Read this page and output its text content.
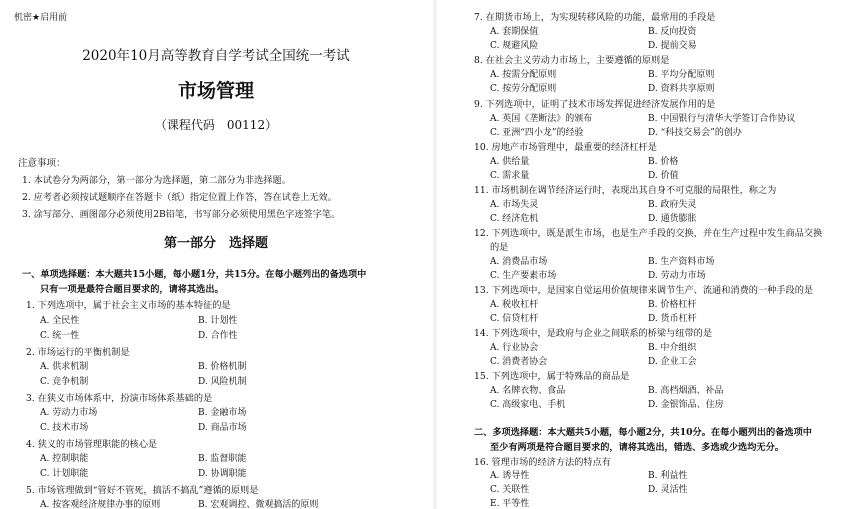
机密★启用前
2020年10月高等教育自学考试全国统一考试
市场管理
（课程代码　00112）
注意事项：
1. 本试卷分为两部分，第一部分为选择题，第二部分为非选择题。
2. 应考者必须按试题顺序在答题卡（纸）指定位置上作答，答在试卷上无效。
3. 涂写部分、画图部分必须使用2B铅笔，书写部分必须使用黑色字迹签字笔。
第一部分　选择题
一、单项选择题：本大题共15小题，每小题1分，共15分。在每小题列出的备选项中
只有一项是最符合题目要求的，请将其选出。
1. 下列选项中，属于社会主义市场的基本特征的是
A. 全民性	B. 计划性
C. 统一性	D. 合作性
2. 市场运行的平衡机制是
A. 供求机制	B. 价格机制
C. 竞争机制	D. 风险机制
3. 在狭义市场体系中，扮演市场体系基础的是
A. 劳动力市场	B. 金融市场
C. 技术市场	D. 商品市场
4. 狭义的市场管理职能的核心是
A. 控制职能	B. 监督职能
C. 计划职能	D. 协调职能
5. 市场管理做到“管好不管死，搞活不搞乱”遵循的原则是
A. 按客观经济规律办事的原则	B. 宏观调控、微观搞活的原则
7. 在期货市场上，为实现转移风险的功能，最常用的手段是
A. 套期保值	B. 反向投资
C. 规避风险	D. 提前交易
8. 在社会主义劳动力市场上，主要遵循的原则是
A. 按需分配原则	B. 平均分配原则
C. 按劳分配原则	D. 资料共享原则
9. 下列选项中，证明了技术市场发挥促进经济发展作用的是
A. 英国《垄断法》的颁布	B. 中国银行与清华大学签订合作协议
C. 亚洲“四小龙”的经验	D. “科技交易会”的创办
10. 房地产市场管理中，最重要的经济杠杆是
A. 供给量	B. 价格
C. 需求量	D. 价值
11. 市场机制在调节经济运行时，表现出其自身不可克服的局限性，称之为
A. 市场失灵	B. 政府失灵
C. 经济危机	D. 通货膨胀
12. 下列选项中，既是派生市场，也是生产手段的交换，并在生产过程中发生商品交换
的是
A. 消费品市场	B. 生产资料市场
C. 生产要素市场	D. 劳动力市场
13. 下列选项中，是国家自觉运用价值规律来调节生产、流通和消费的一种手段的是
A. 税收杠杆	B. 价格杠杆
C. 信贷杠杆	D. 货币杠杆
14. 下列选项中，是政府与企业之间联系的桥梁与纽带的是
A. 行业协会	B. 中介组织
C. 消费者协会	D. 企业工会
15. 下列选项中，属于特殊品的商品是
A. 名牌衣物、食品	B. 高档烟酒、补品
C. 高级家电、手机	D. 金银饰品、住房
二、多项选择题：本大题共5小题，每小题2分，共10分。在每小题列出的备选项中
至少有两项是符合题目要求的，请将其选出，错选、多选或少选均无分。
16. 管理市场的经济方法的特点有
A. 诱导性	B. 利益性
C. 关联性	D. 灵活性
E. 平等性
